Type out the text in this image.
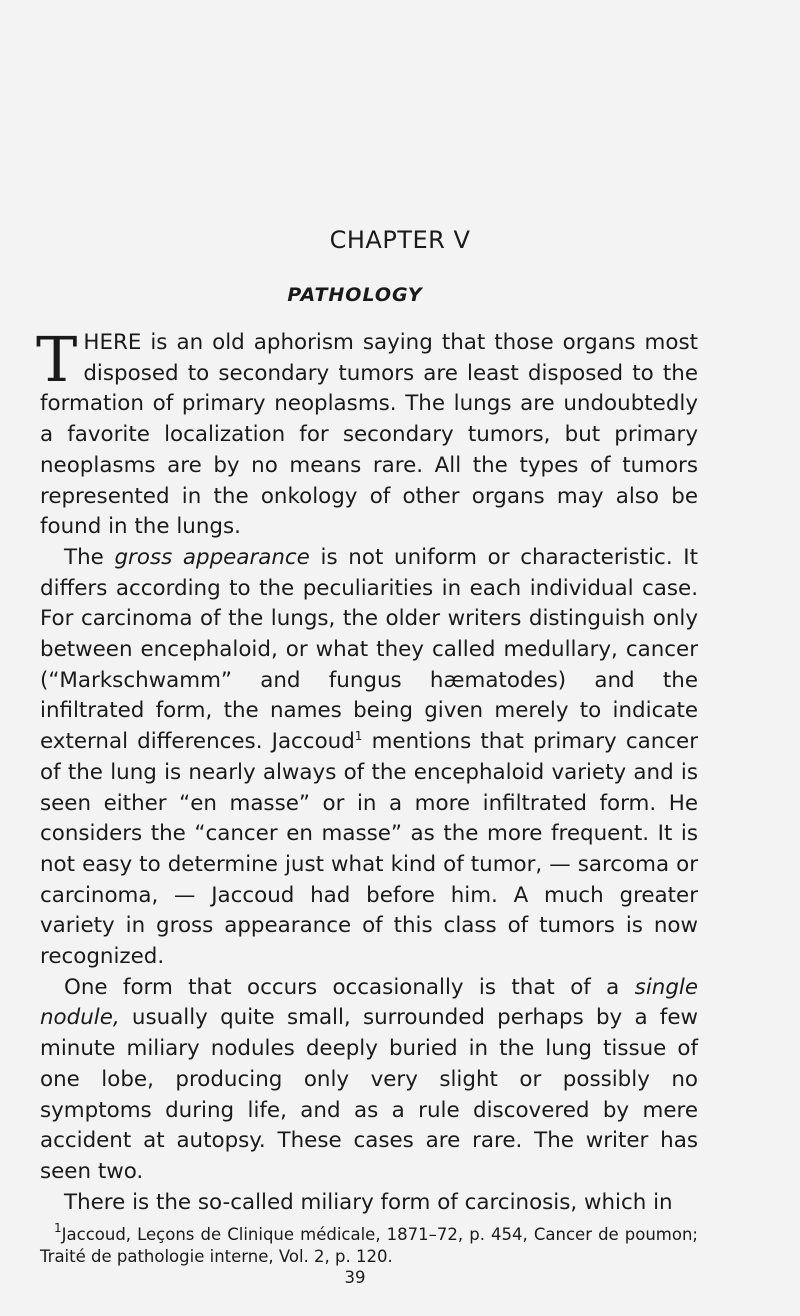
CHAPTER V
PATHOLOGY

THERE is an old aphorism saying that those organs most disposed to secondary tumors are least disposed to the formation of primary neoplasms. The lungs are undoubtedly a favorite localization for secondary tumors, but primary neoplasms are by no means rare. All the types of tumors represented in the onkology of other organs may also be found in the lungs.

The gross appearance is not uniform or characteristic. It differs according to the peculiarities in each individual case. For carcinoma of the lungs, the older writers distinguish only between encephaloid, or what they called medullary, cancer (“Markschwamm” and fungus hæmatodes) and the infiltrated form, the names being given merely to indicate external differences. Jaccoud$^1$ mentions that primary cancer of the lung is nearly always of the encephaloid variety and is seen either “en masse” or in a more infiltrated form. He considers the “cancer en masse” as the more frequent. It is not easy to determine just what kind of tumor, — sarcoma or carcinoma, — Jaccoud had before him. A much greater variety in gross appearance of this class of tumors is now recognized.

One form that occurs occasionally is that of a single nodule, usually quite small, surrounded perhaps by a few minute miliary nodules deeply buried in the lung tissue of one lobe, producing only very slight or possibly no symptoms during life, and as a rule discovered by mere accident at autopsy. These cases are rare. The writer has seen two.

There is the so-called miliary form of carcinosis, which in

$^1$Jaccoud, Leçons de Clinique médicale, 1871–72, p. 454, Cancer de poumon; Traité de pathologie interne, Vol. 2, p. 120.
39
